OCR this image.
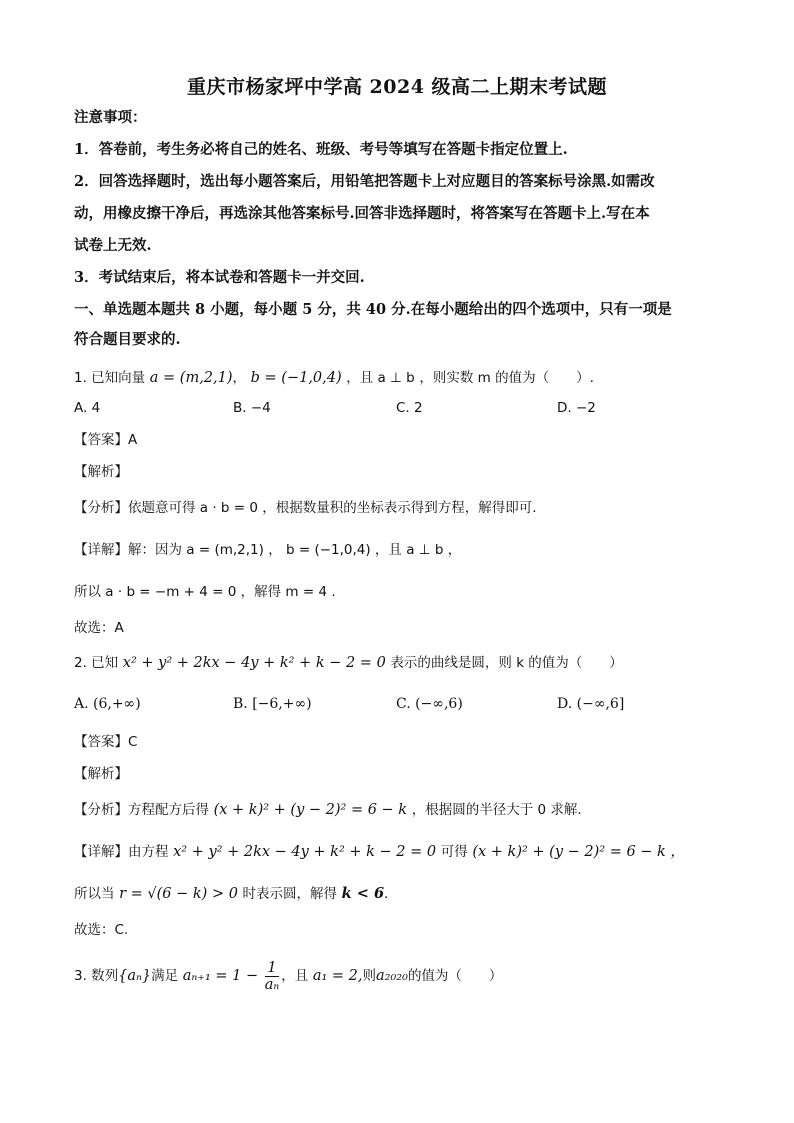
重庆市杨家坪中学高 2024 级高二上期末考试题
注意事项：
1．答卷前，考生务必将自己的姓名、班级、考号等填写在答题卡指定位置上.
2．回答选择题时，选出每小题答案后，用铅笔把答题卡上对应题目的答案标号涂黑.如需改
动，用橡皮擦干净后，再选涂其他答案标号.回答非选择题时，将答案写在答题卡上.写在本
试卷上无效.
3．考试结束后，将本试卷和答题卡一并交回.
一、单选题本题共 8 小题，每小题 5 分，共 40 分.在每小题给出的四个选项中，只有一项是
符合题目要求的.
1. 已知向量 a = (m,2,1)， b = (−1,0,4) ，且 a ⊥ b ，则实数 m 的值为（　　）.
A. 4	B. −4	C. 2	D. −2
【答案】A
【解析】
【分析】依题意可得 a · b = 0 ，根据数量积的坐标表示得到方程，解得即可.
【详解】解：因为 a = (m,2,1) ， b = (−1,0,4) ，且 a ⊥ b ，
所以 a · b = −m + 4 = 0 ，解得 m = 4 .
故选：A
2. 已知 x² + y² + 2kx − 4y + k² + k − 2 = 0 表示的曲线是圆，则 k 的值为（　　）
A. (6,+∞)	B. [−6,+∞)	C. (−∞,6)	D. (−∞,6]
【答案】C
【解析】
【分析】方程配方后得 (x + k)² + (y − 2)² = 6 − k ，根据圆的半径大于 0 求解.
【详解】由方程 x² + y² + 2kx − 4y + k² + k − 2 = 0 可得 (x + k)² + (y − 2)² = 6 − k ，
所以当 r = √(6 − k) > 0 时表示圆，解得 k < 6.
故选：C.
3. 数列{aₙ}满足 $a_{n+1} = 1 - \frac{1}{\text{aₙ}}$ ，且 a₁ = 2,则a₂₀₂₀的值为（　　）
